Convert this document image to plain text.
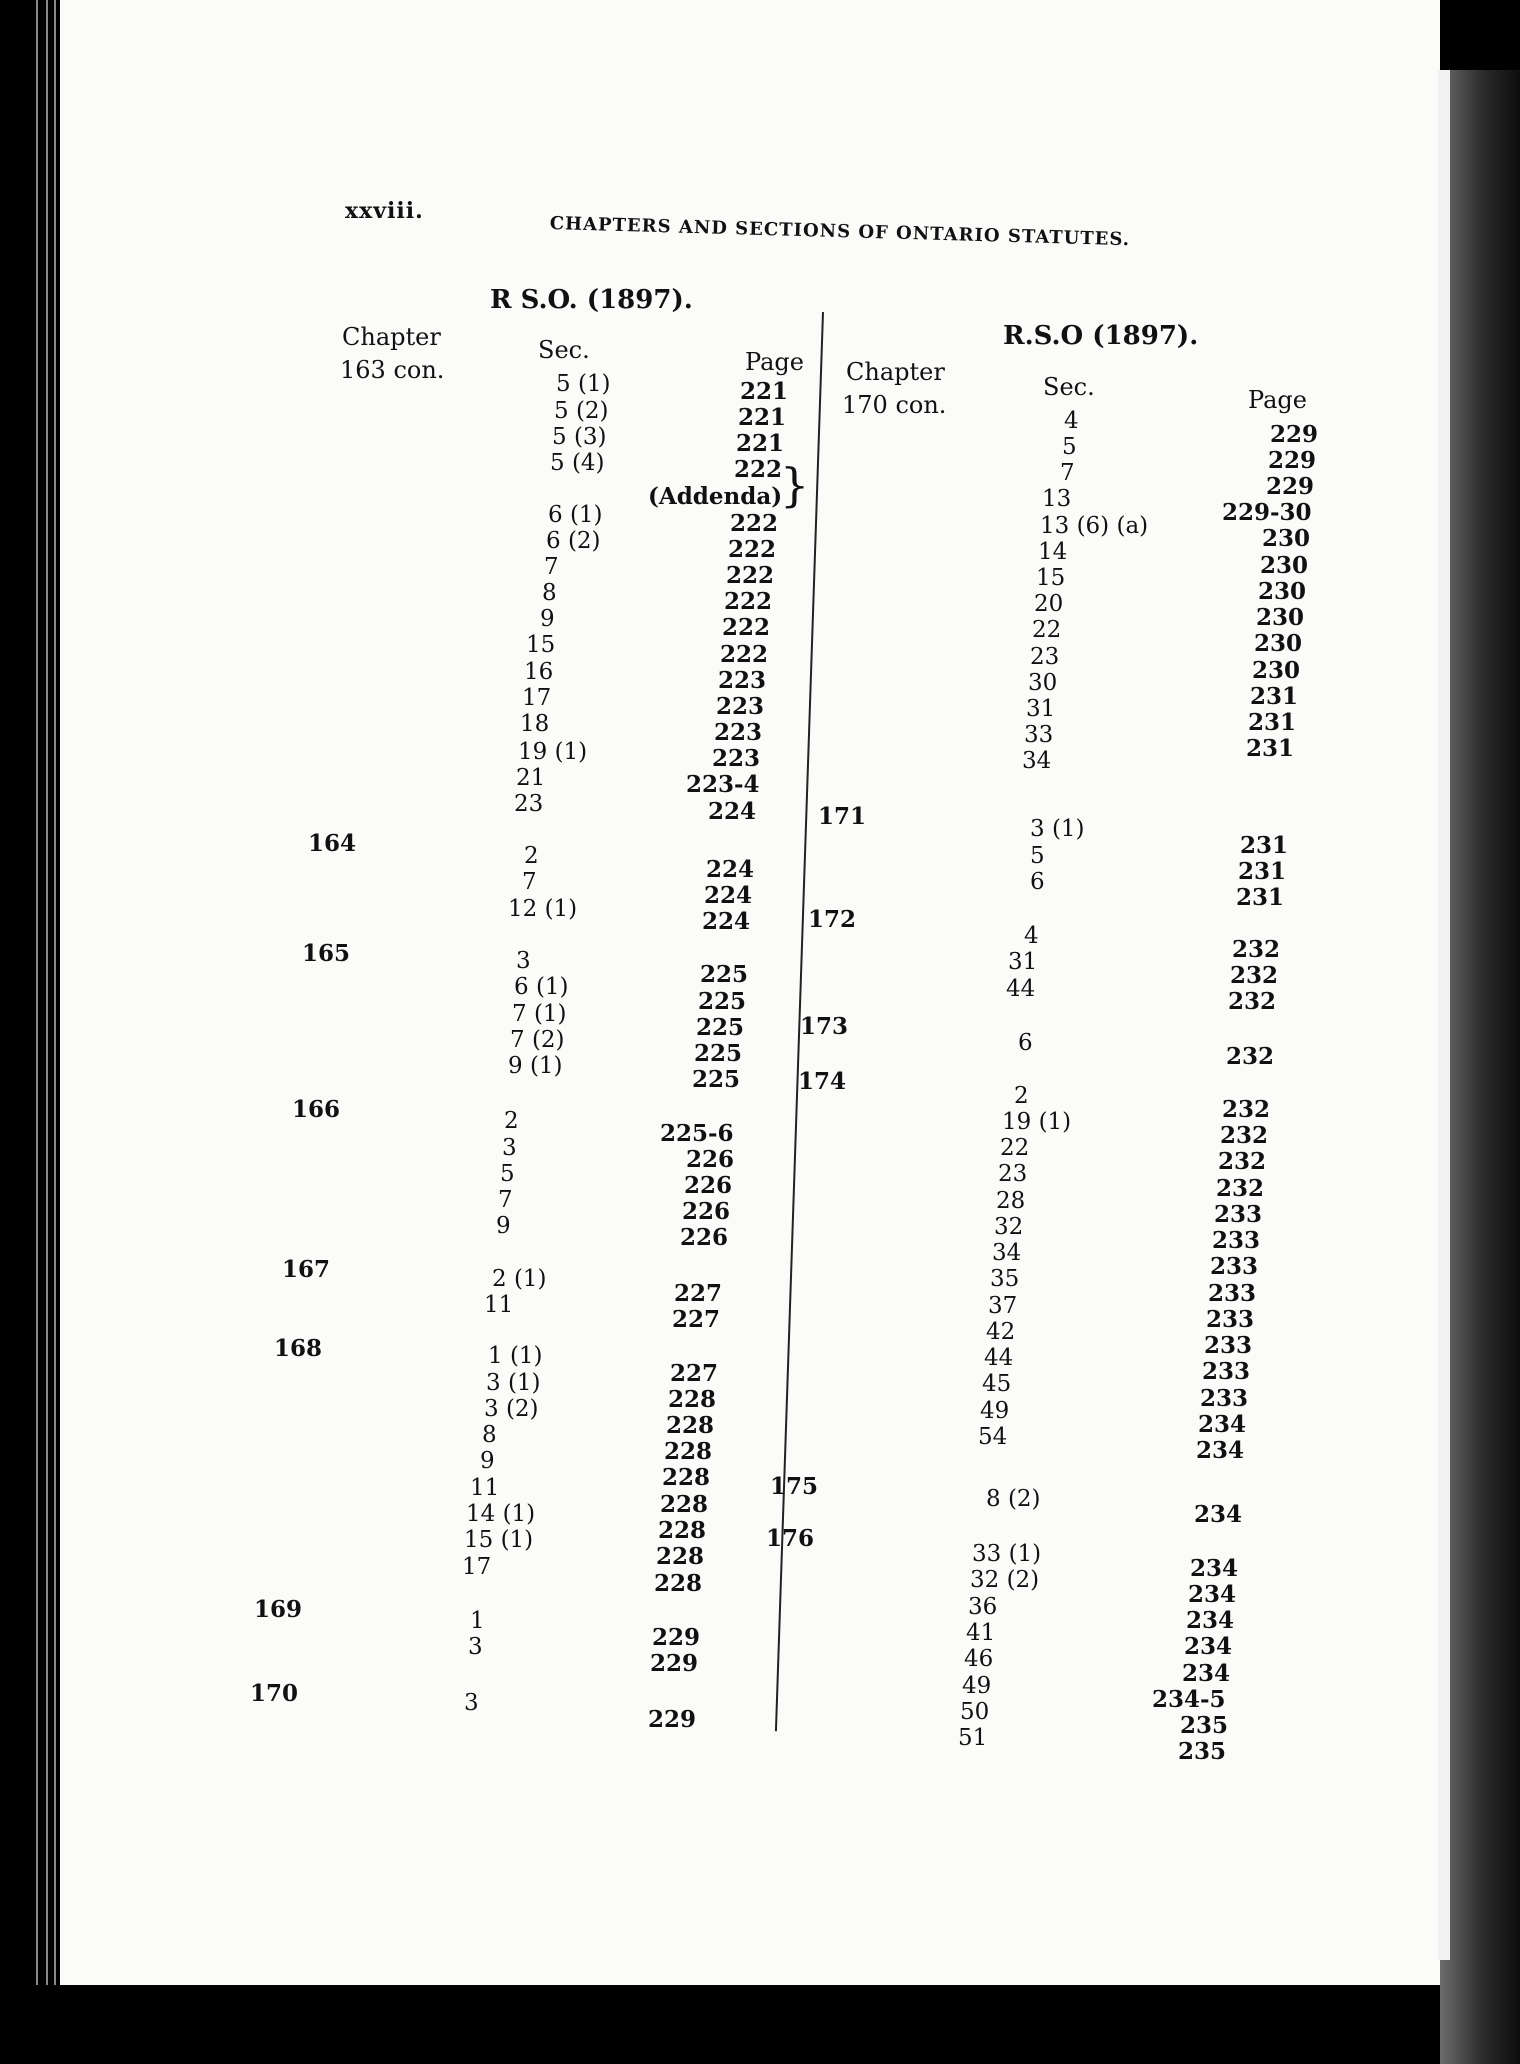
xxviii.
CHAPTERS AND SECTIONS OF ONTARIO STATUTES.
R S.O. (1897).
Chapter
163 con.
Sec.	Page
R.S.O (1897).
Chapter
170 con.
Sec.	Page
}
164
165
166
167
168
169
170
5 (1)
5 (2)
5 (3)
5 (4)
6 (1)
6 (2)
7
8
9
15
16
17
18
19 (1)
21
23
2
7
12 (1)
3
6 (1)
7 (1)
7 (2)
9 (1)
2
3
5
7
9
2 (1)
11
1 (1)
3 (1)
3 (2)
8
9
11
14 (1)
15 (1)
17
1
3
3
221
221
221
222
(Addenda)
222
222
222
222
222
222
223
223
223
223
223-4
224
224
224
224
225
225
225
225
225
225-6
226
226
226
226
227
227
227
228
228
228
228
228
228
228
228
229
229
229
171
172
173
174
175
176
4
5
7
13
13 (6) (a)
14
15
20
22
23
30
31
33
34
3 (1)
5
6
4
31
44
6
2
19 (1)
22
23
28
32
34
35
37
42
44
45
49
54
8 (2)
33 (1)
32 (2)
36
41
46
49
50
51
229
229
229
229-30
230
230
230
230
230
230
231
231
231
231
231
231
232
232
232
232
232
232
232
232
233
233
233
233
233
233
233
233
234
234
234
234
234
234
234
234
234-5
235
235
